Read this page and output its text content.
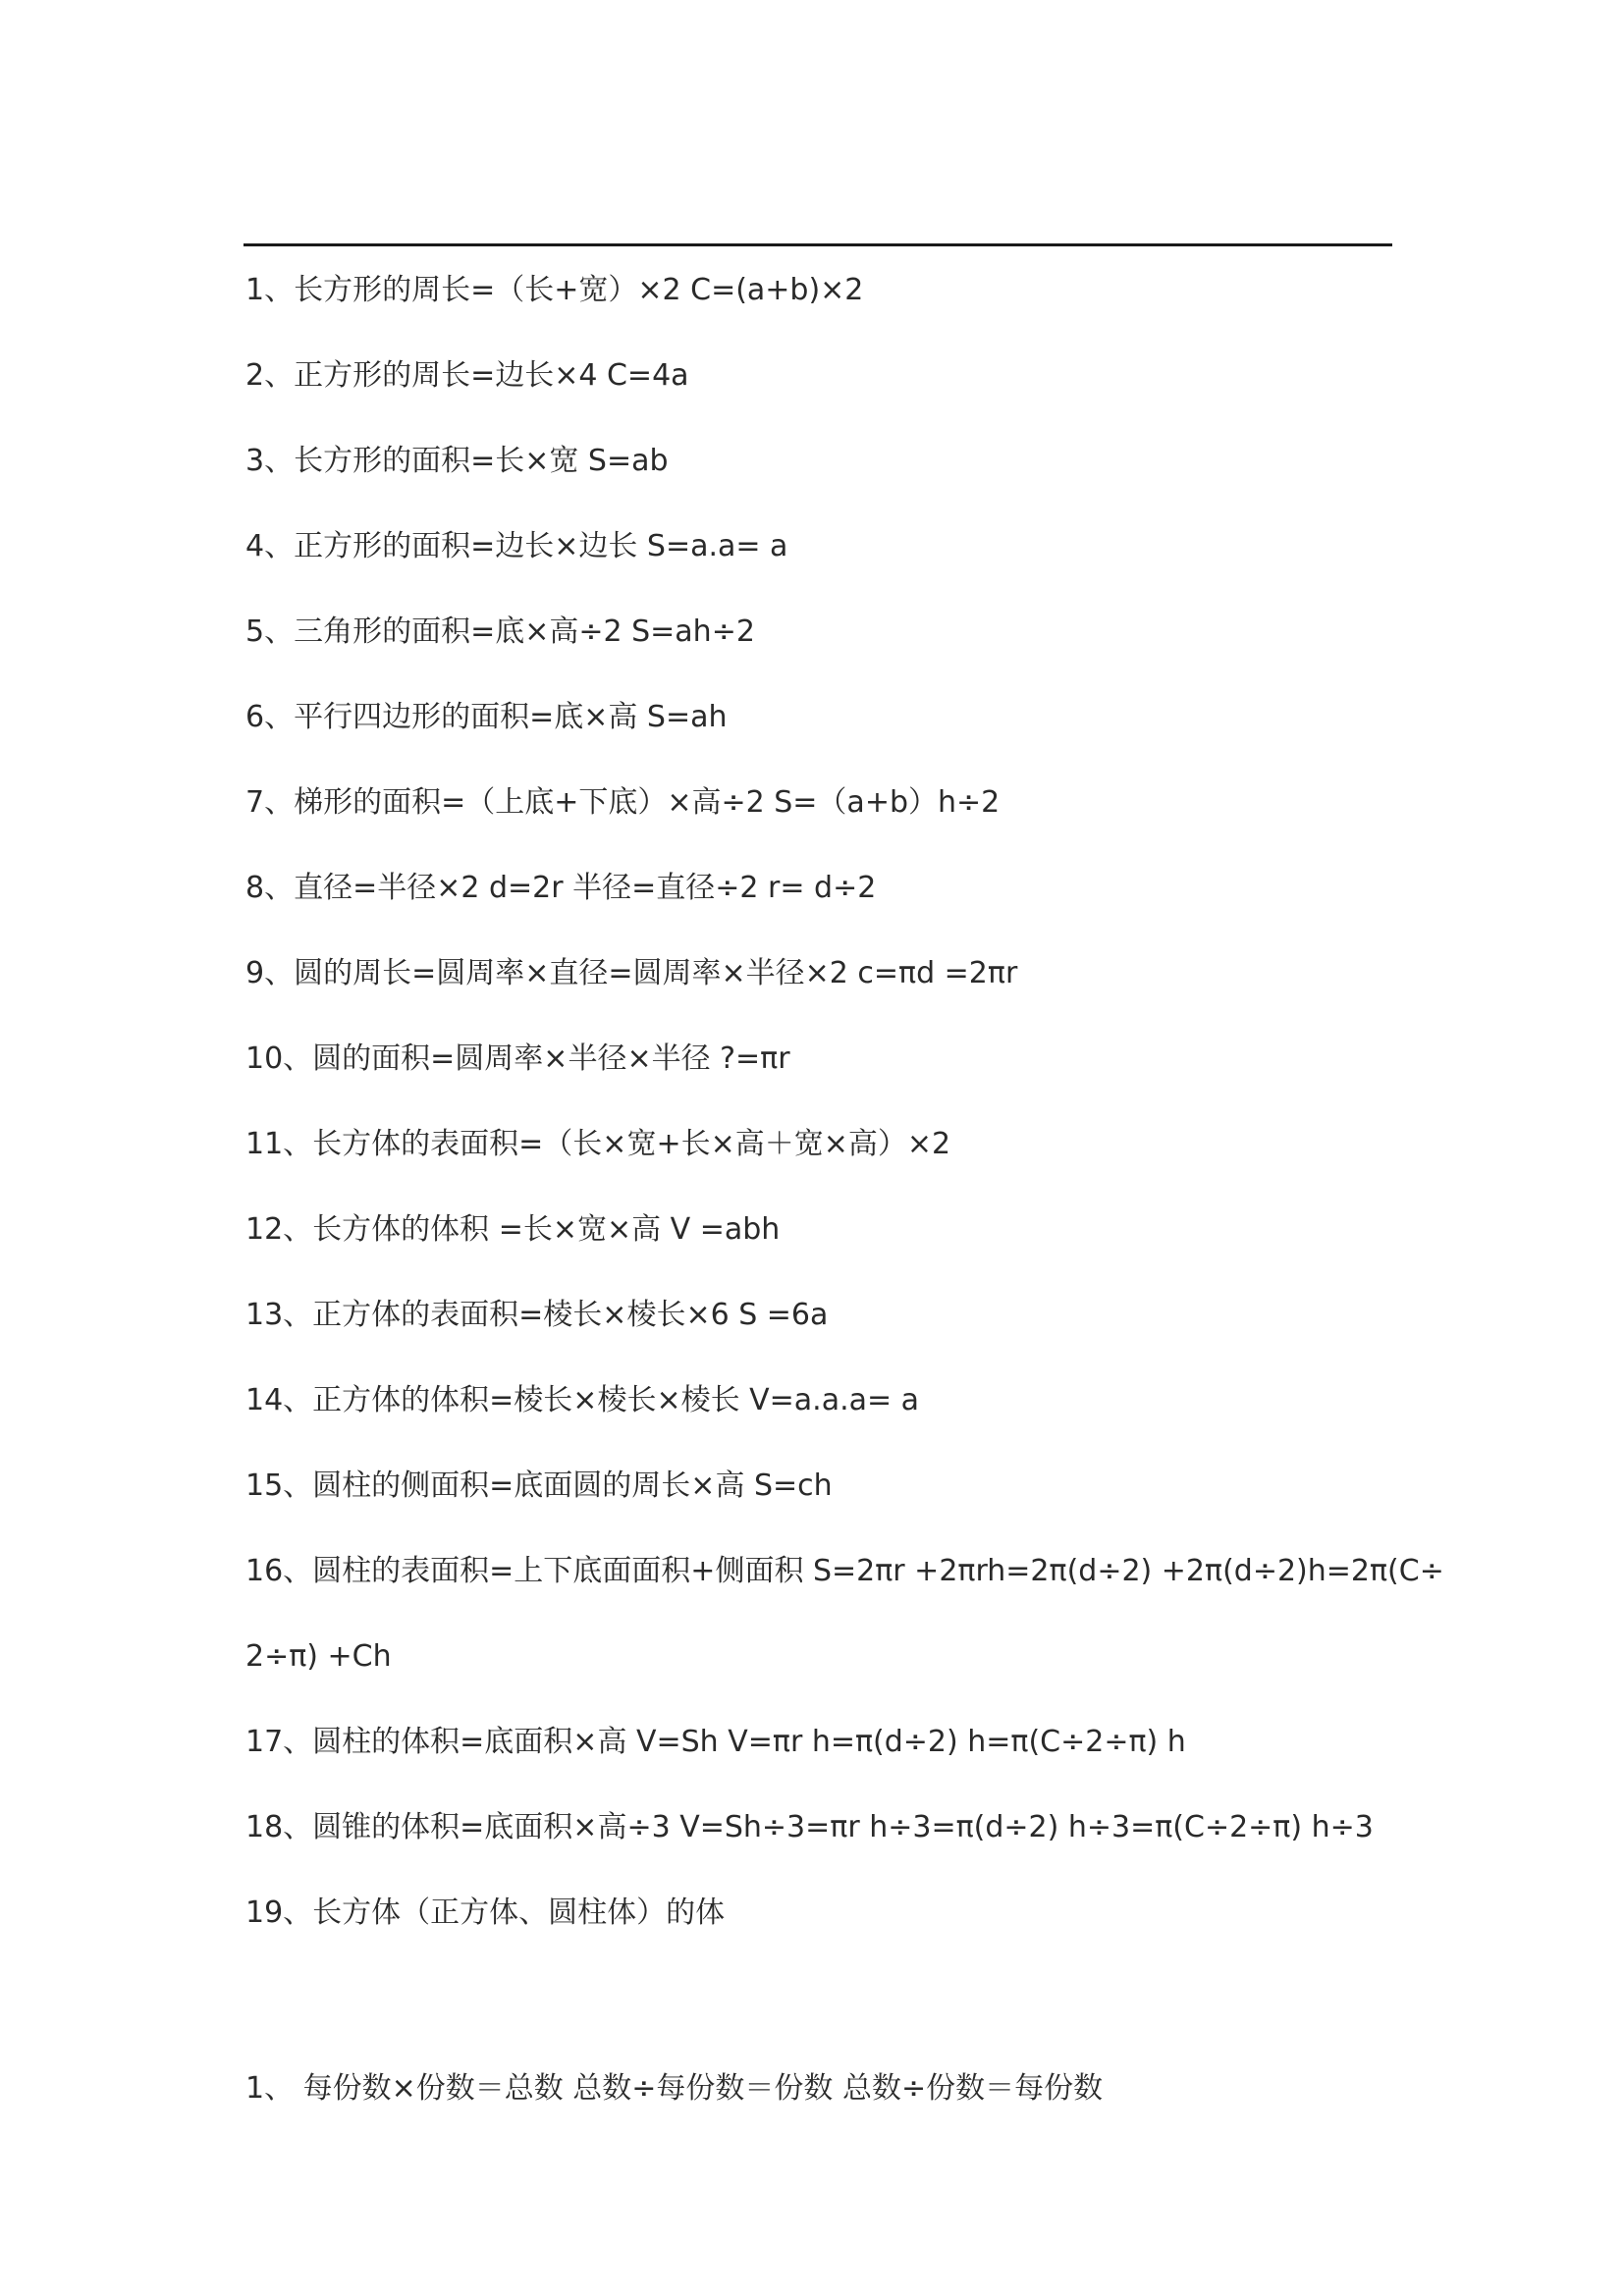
1、长方形的周长=（长+宽）×2 C=(a+b)×2
2、正方形的周长=边长×4 C=4a
3、长方形的面积=长×宽 S=ab
4、正方形的面积=边长×边长 S=a.a= a
5、三角形的面积=底×高÷2 S=ah÷2
6、平行四边形的面积=底×高 S=ah
7、梯形的面积=（上底+下底）×高÷2 S=（a+b）h÷2
8、直径=半径×2 d=2r 半径=直径÷2 r= d÷2
9、圆的周长=圆周率×直径=圆周率×半径×2 c=πd =2πr
10、圆的面积=圆周率×半径×半径 ?=πr
11、长方体的表面积=（长×宽+长×高＋宽×高）×2
12、长方体的体积 =长×宽×高 V =abh
13、正方体的表面积=棱长×棱长×6 S =6a
14、正方体的体积=棱长×棱长×棱长 V=a.a.a= a
15、圆柱的侧面积=底面圆的周长×高 S=ch
16、圆柱的表面积=上下底面面积+侧面积 S=2πr +2πrh=2π(d÷2) +2π(d÷2)h=2π(C÷
2÷π) +Ch
17、圆柱的体积=底面积×高 V=Sh V=πr h=π(d÷2) h=π(C÷2÷π) h
18、圆锥的体积=底面积×高÷3 V=Sh÷3=πr h÷3=π(d÷2) h÷3=π(C÷2÷π) h÷3
19、长方体（正方体、圆柱体）的体
1、 每份数×份数＝总数 总数÷每份数＝份数 总数÷份数＝每份数
